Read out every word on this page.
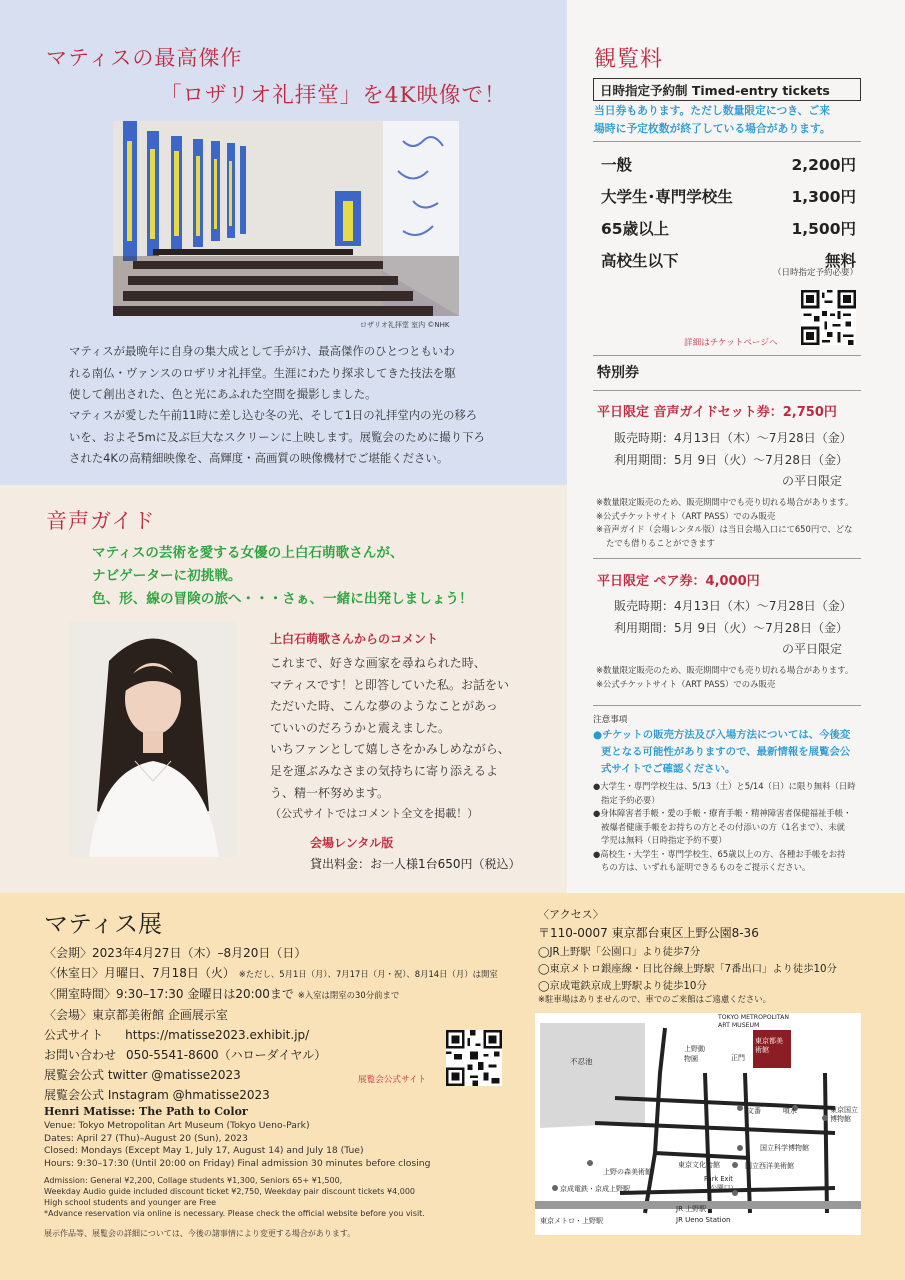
マティスの最高傑作
「ロザリオ礼拝堂」を4K映像で！
ロザリオ礼拝堂 室内 ©NHK
マティスが最晩年に自身の集大成として手がけ、最高傑作のひとつともいわ
れる南仏・ヴァンスのロザリオ礼拝堂。生涯にわたり探求してきた技法を駆
使して創出された、色と光にあふれた空間を撮影しました。
マティスが愛した午前11時に差し込む冬の光、そして1日の礼拝堂内の光の移ろ
いを、およそ5mに及ぶ巨大なスクリーンに上映します。展覧会のために撮り下ろ
された4Kの高精細映像を、高輝度・高画質の映像機材でご堪能ください。
音声ガイド
マティスの芸術を愛する女優の上白石萌歌さんが、
ナビゲーターに初挑戦。
色、形、線の冒険の旅へ・・・さぁ、一緒に出発しましょう！
上白石萌歌さんからのコメント
これまで、好きな画家を尋ねられた時、
マティスです！と即答していた私。お話をい
ただいた時、こんな夢のようなことがあっ
ていいのだろうかと震えました。
いちファンとして嬉しさをかみしめながら、
足を運ぶみなさまの気持ちに寄り添えるよ
う、精一杯努めます。
（公式サイトではコメント全文を掲載！）
会場レンタル版
貸出料金：お一人様1台650円（税込）
観覧料
日時指定予約制 Timed-entry tickets
当日券もあります。ただし数量限定につき、ご来
場時に予定枚数が終了している場合があります。
一般	2,200円
大学生･専門学校生	1,300円
65歳以上	1,500円
高校生以下	無料
（日時指定予約必要）
詳細はチケットページへ
特別券
平日限定 音声ガイドセット券：2,750円
販売時期：4月13日（木）〜7月28日（金）
利用期間：5月 9日（火）〜7月28日（金）
の平日限定
※数量限定販売のため、販売期間中でも売り切れる場合があります。
※公式チケットサイト（ART PASS）でのみ販売
※音声ガイド（会場レンタル版）は当日会場入口にて650円で、どな
たでも借りることができます
平日限定 ペア券：4,000円
販売時期：4月13日（木）〜7月28日（金）
利用期間：5月 9日（火）〜7月28日（金）
の平日限定
※数量限定販売のため、販売期間中でも売り切れる場合があります。
※公式チケットサイト（ART PASS）でのみ販売
注意事項
●チケットの販売方法及び入場方法については、今後変
更となる可能性がありますので、最新情報を展覧会公
式サイトでご確認ください。
●大学生・専門学校生は、5/13（土）と5/14（日）に限り無料（日時
指定予約必要）
●身体障害者手帳・愛の手帳・療育手帳・精神障害者保健福祉手帳・
被爆者健康手帳をお持ちの方とその付添いの方（1名まで）、未就
学児は無料（日時指定予約不要）
●高校生・大学生・専門学校生、65歳以上の方、各種お手帳をお持
ちの方は、いずれも証明できるものをご提示ください。
マティス展
〈会期〉2023年4月27日（木）–8月20日（日）
〈休室日〉月曜日、7月18日（火） ※ただし、5月1日（月）、7月17日（月・祝）、8月14日（月）は開室
〈開室時間〉9:30–17:30 金曜日は20:00まで ※入室は閉室の30分前まで
〈会場〉東京都美術館 企画展示室
公式サイト https://matisse2023.exhibit.jp/
お問い合わせ 050-5541-8600（ハローダイヤル）
展覧会公式 twitter @matisse2023
展覧会公式 Instagram @hmatisse2023
展覧会公式サイト
Henri Matisse: The Path to Color
Venue: Tokyo Metropolitan Art Museum (Tokyo Ueno-Park)
Dates: April 27 (Thu)–August 20 (Sun), 2023
Closed: Mondays (Except May 1, July 17, August 14) and July 18 (Tue)
Hours: 9:30–17:30 (Until 20:00 on Friday) Final admission 30 minutes before closing
Admission: General ¥2,200, Collage students ¥1,300, Seniors 65+ ¥1,500,
Weekday Audio guide included discount ticket ¥2,750, Weekday pair discount tickets ¥4,000
High school students and younger are Free
*Advance reservation via online is necessary. Please check the official website before you visit.
展示作品等、展覧会の詳細については、今後の諸事情により変更する場合があります。
〈アクセス〉
〒110-0007 東京都台東区上野公園8-36
◯JR上野駅「公園口」より徒歩7分
◯東京メトロ銀座線・日比谷線上野駅「7番出口」より徒歩10分
◯京成電鉄京成上野駅より徒歩10分
※駐車場はありませんので、車でのご来館はご遠慮ください。
TOKYO METROPOLITAN ART MUSEUM
東京都美術館
不忍池
上野動物園	正門
文番	噴水	東京国立博物館
国立科学博物館
上野の森美術館
東京文化会館	国立西洋美術館
Park Exit（公園口）
京成電鉄・京成上野駅
JR 上野駅
JR Ueno Station
東京メトロ・上野駅
